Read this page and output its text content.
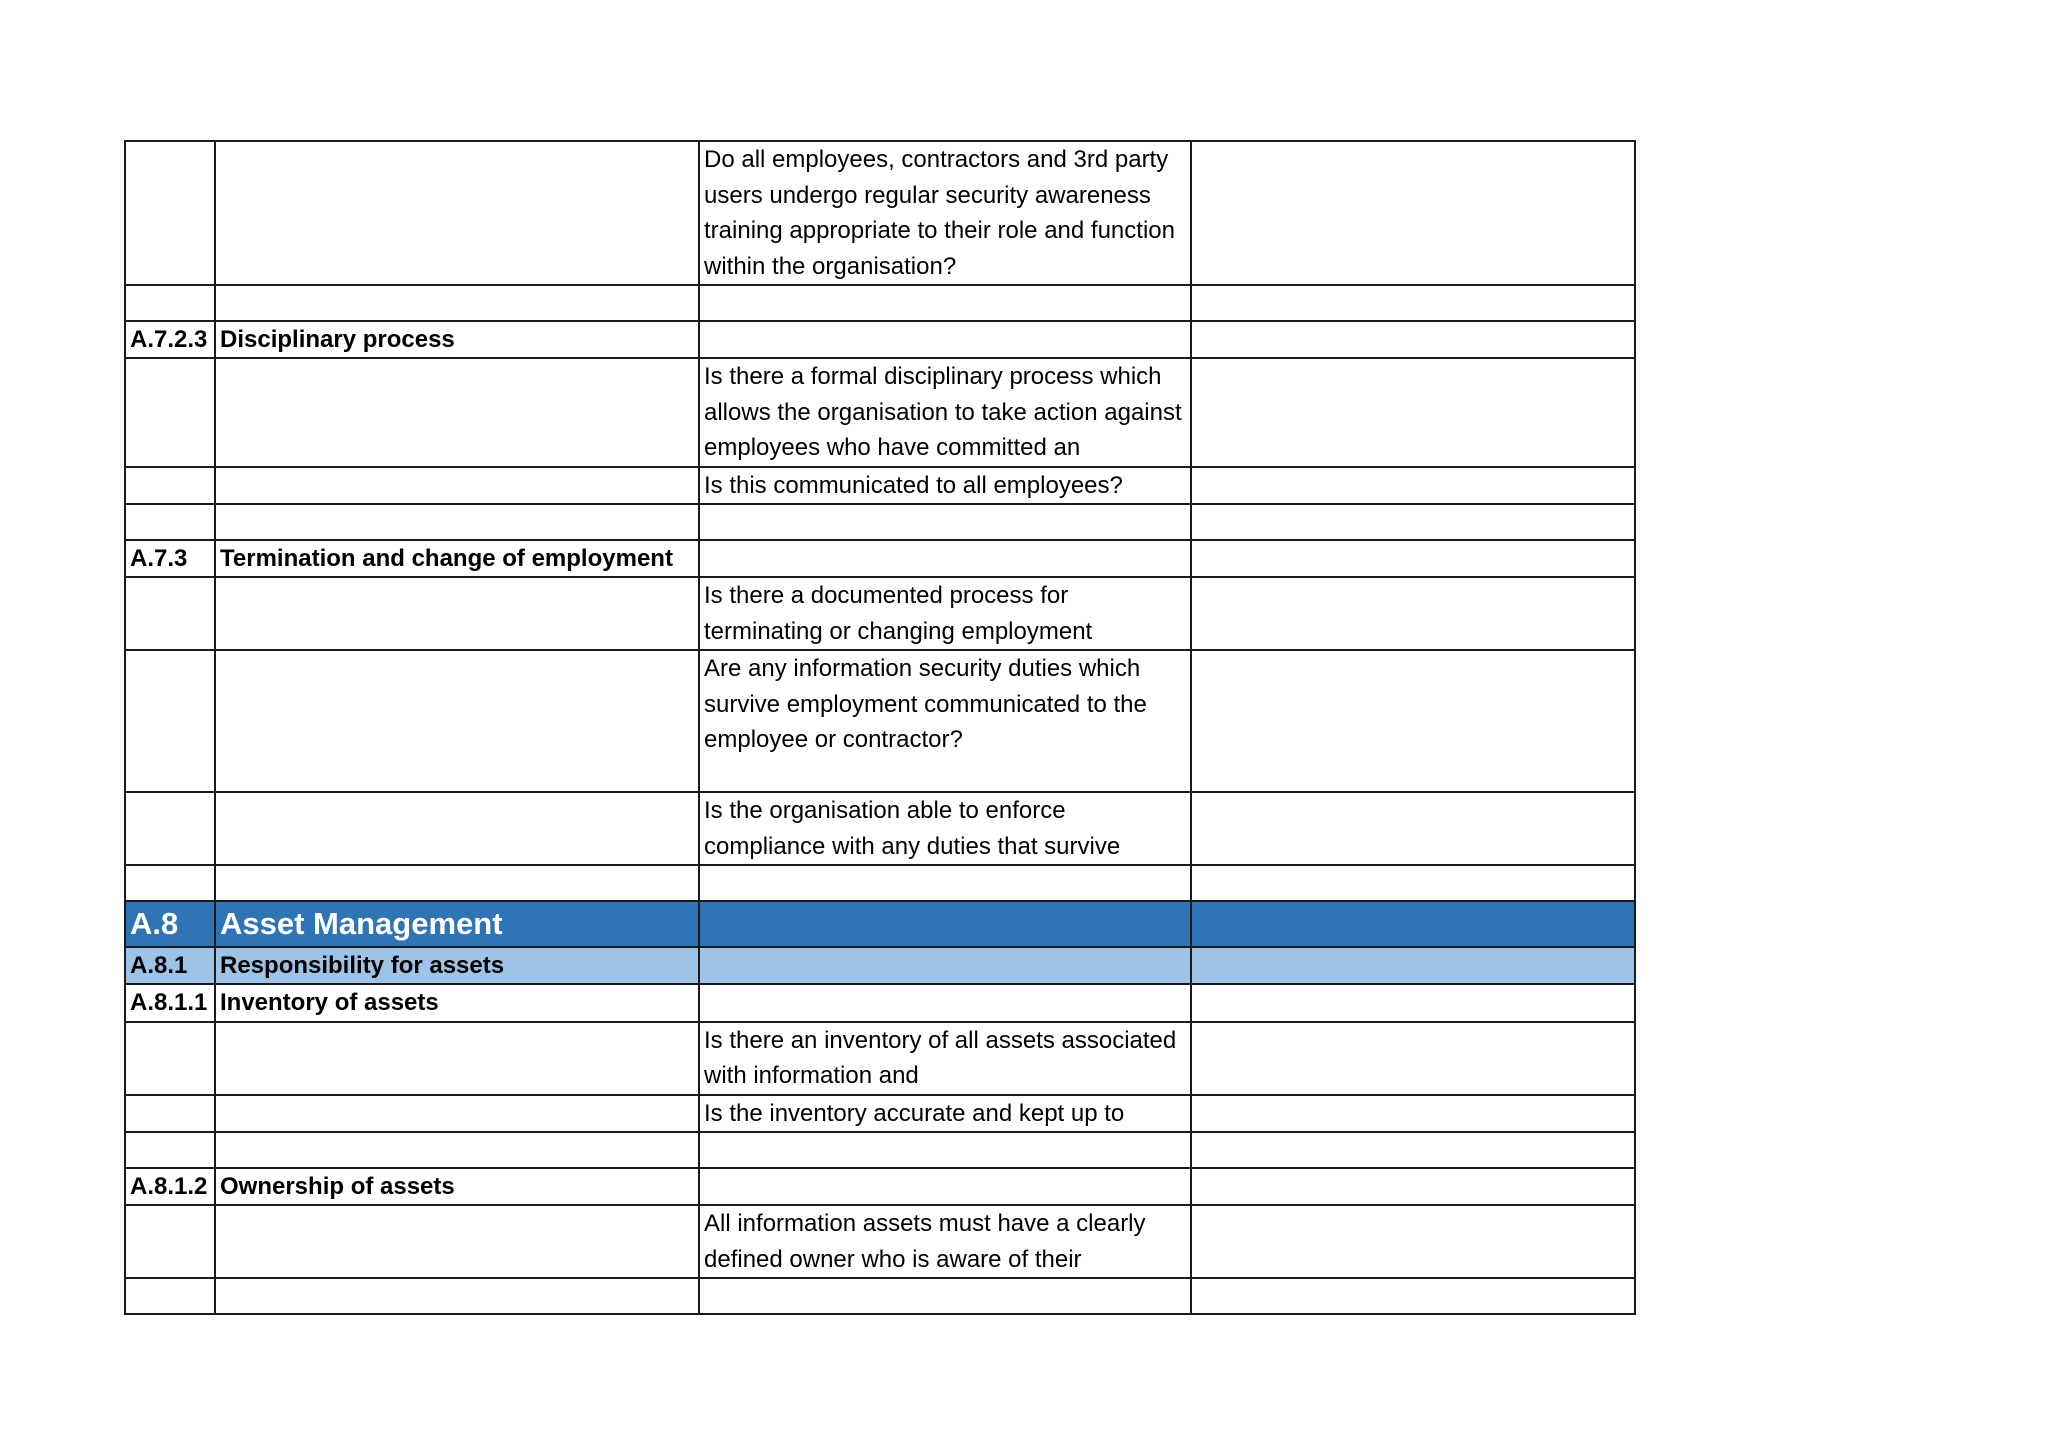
		Do all employees, contractors and 3rd party users undergo regular security awareness training appropriate to their role and function within the organisation?	

A.7.2.3	Disciplinary process		
		Is there a formal disciplinary process which allows the organisation to take action against employees who have committed an	
		Is this communicated to all employees?	

A.7.3	Termination and change of employment		
		Is there a documented process for terminating or changing employment	
		Are any information security duties which survive employment communicated to the employee or contractor?	
		Is the organisation able to enforce compliance with any duties that survive	

A.8	Asset Management		
A.8.1	Responsibility for assets		
A.8.1.1	Inventory of assets		
		Is there an inventory of all assets associated with information and	
		Is the inventory accurate and kept up to	

A.8.1.2	Ownership of assets		
		All information assets must have a clearly defined owner who is aware of their	
